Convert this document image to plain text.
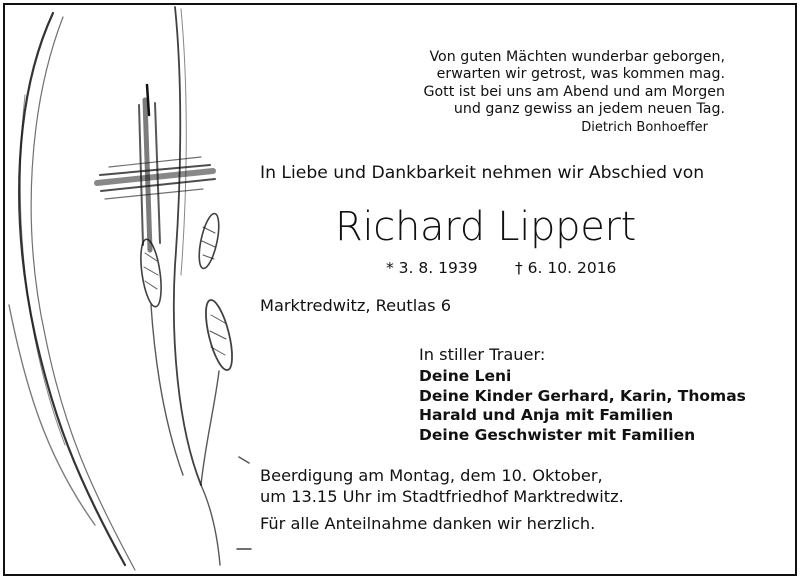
Von guten Mächten wunderbar geborgen,
erwarten wir getrost, was kommen mag.
Gott ist bei uns am Abend und am Morgen
und ganz gewiss an jedem neuen Tag.
Dietrich Bonhoeffer
In Liebe und Dankbarkeit nehmen wir Abschied von
Richard Lippert
* 3. 8. 1939 † 6. 10. 2016
Marktredwitz, Reutlas 6
In stiller Trauer:
Deine Leni
Deine Kinder Gerhard, Karin, Thomas
Harald und Anja mit Familien
Deine Geschwister mit Familien
Beerdigung am Montag, dem 10. Oktober,
um 13.15 Uhr im Stadtfriedhof Marktredwitz.
Für alle Anteilnahme danken wir herzlich.
